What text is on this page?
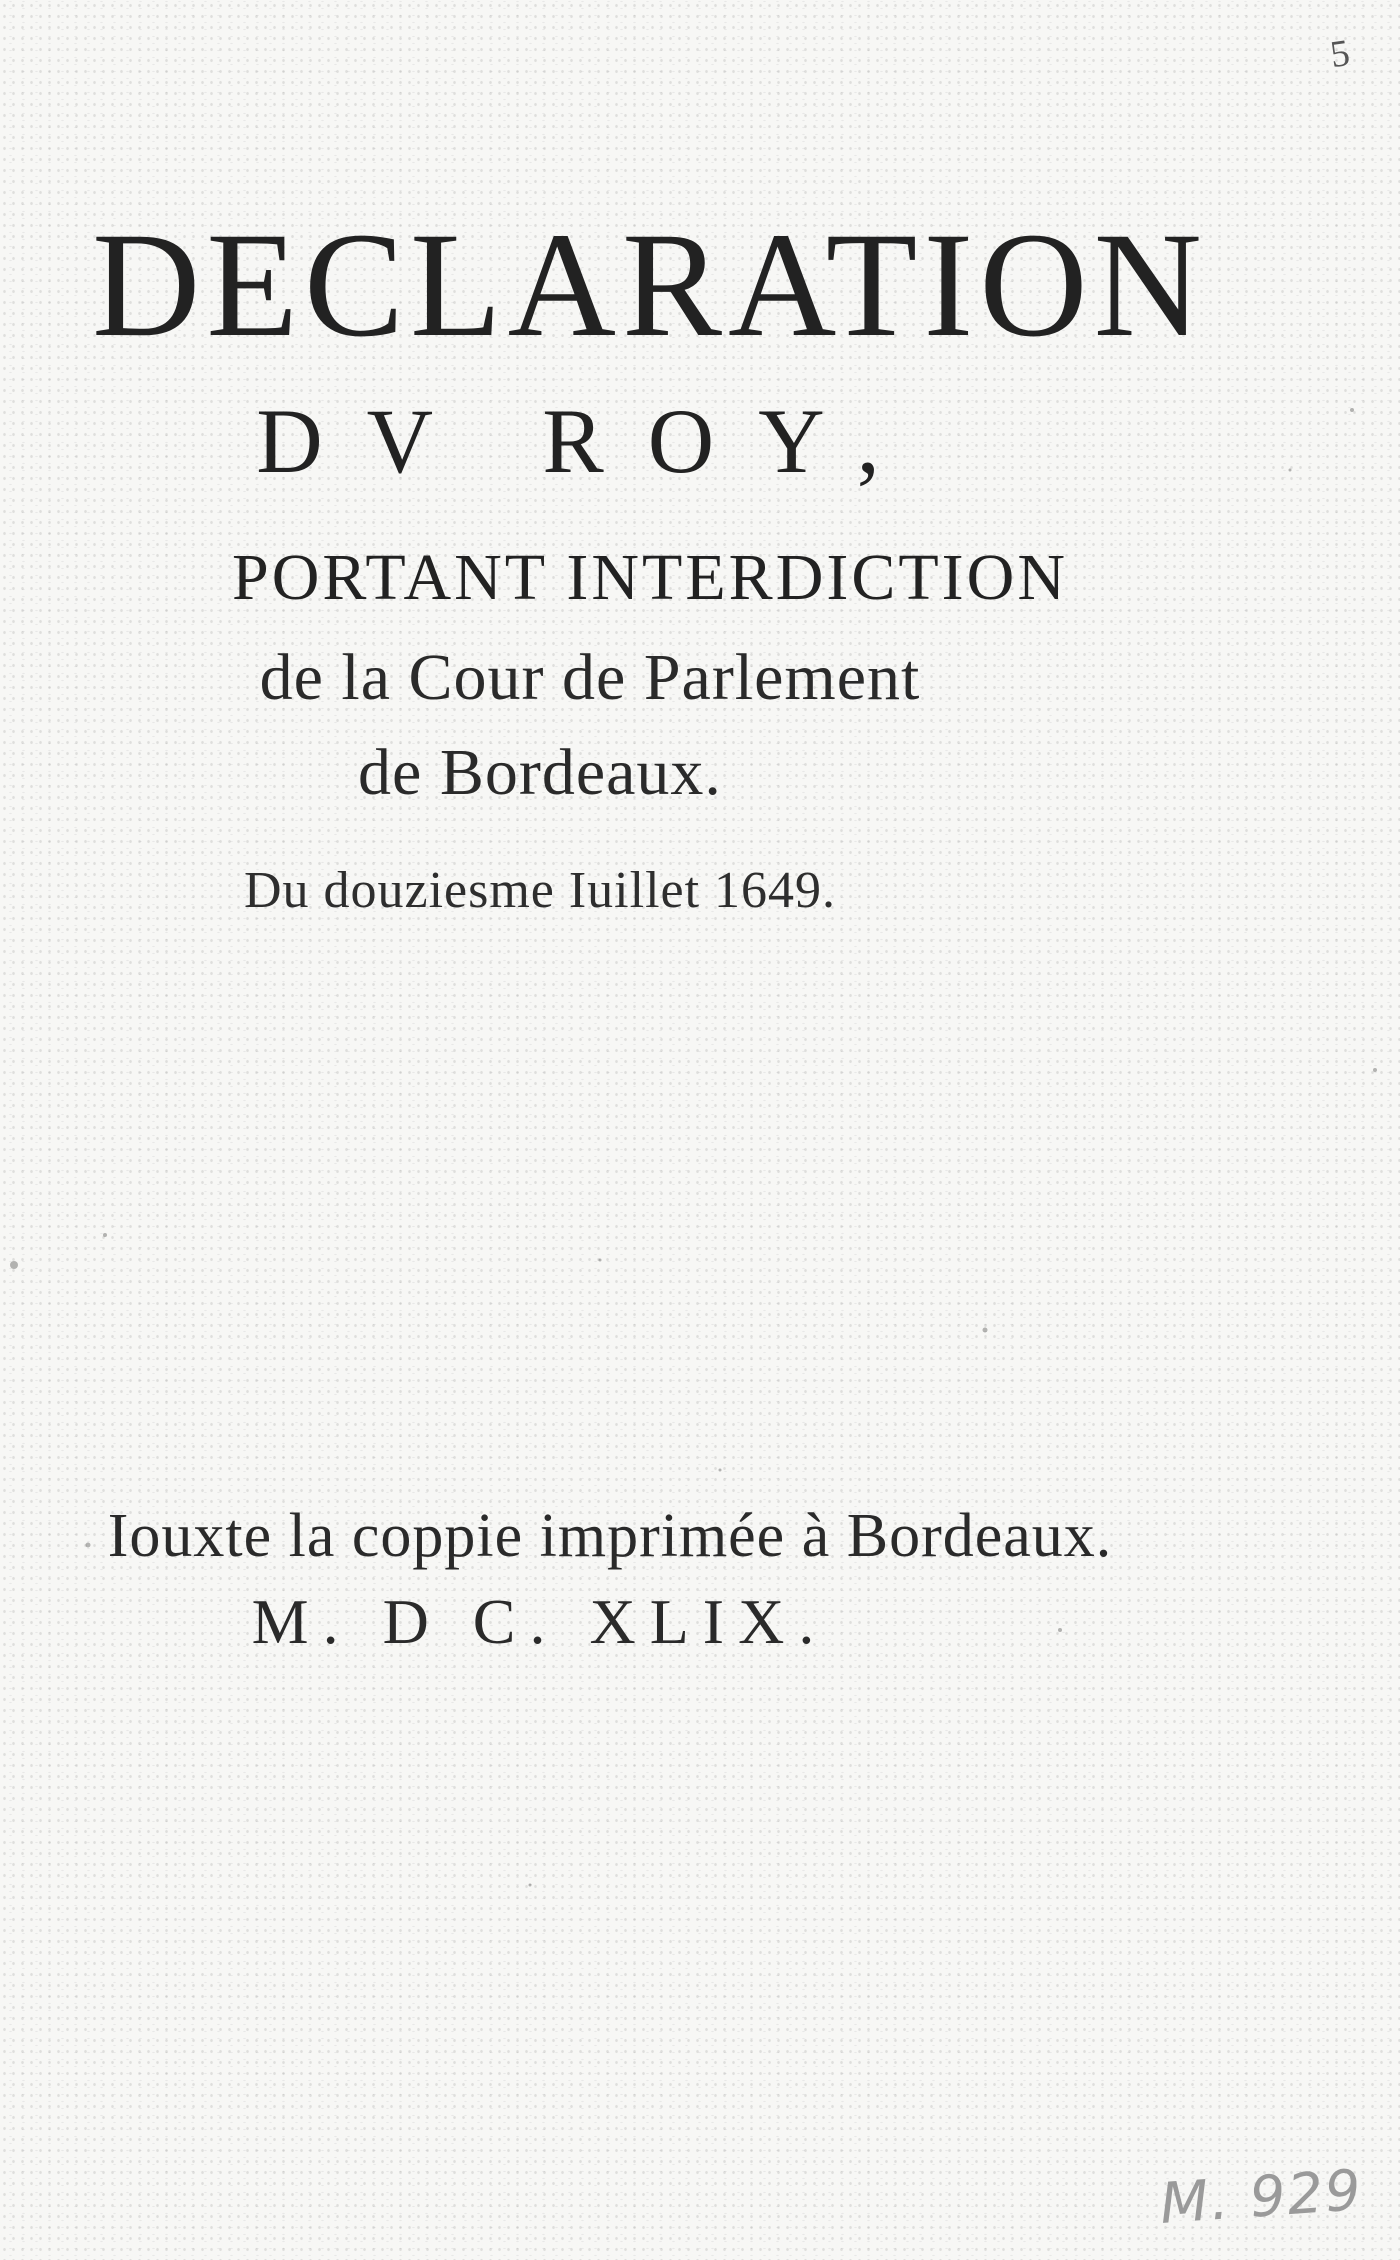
5
DECLARATION
DV ROY,
PORTANT INTERDICTION
de la Cour de Parlement
de Bordeaux.
Du douziesme Iuillet 1649.
Iouxte la coppie imprimée à Bordeaux.
M. D C. XLIX.
M. 929
